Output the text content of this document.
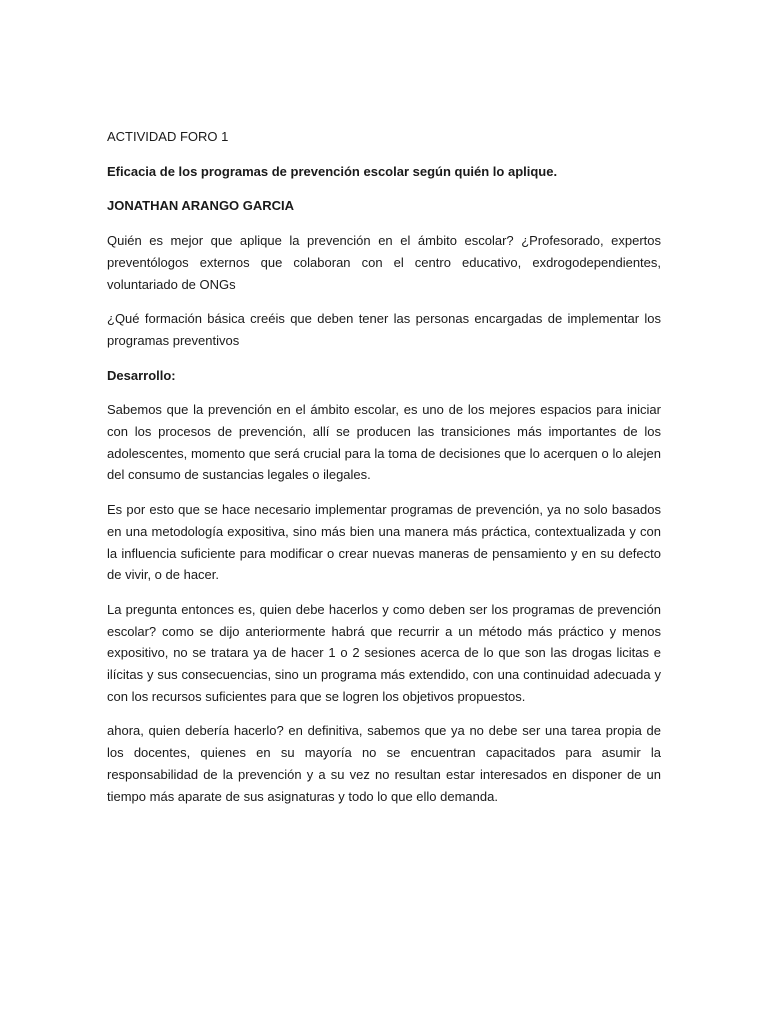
ACTIVIDAD FORO 1

Eficacia de los programas de prevención escolar según quién lo aplique.

JONATHAN ARANGO GARCIA

Quién es mejor que aplique la prevención en el ámbito escolar? ¿Profesorado, expertos preventólogos externos que colaboran con el centro educativo, exdrogodependientes, voluntariado de ONGs

¿Qué formación básica creéis que deben tener las personas encargadas de implementar los programas preventivos

Desarrollo:

Sabemos que la prevención en el ámbito escolar, es uno de los mejores espacios para iniciar con los procesos de prevención, allí se producen las transiciones más importantes de los adolescentes, momento que será crucial para la toma de decisiones que lo acerquen o lo alejen del consumo de sustancias legales o ilegales.

Es por esto que se hace necesario implementar programas de prevención, ya no solo basados en una metodología expositiva, sino más bien una manera más práctica, contextualizada y con la influencia suficiente para modificar o crear nuevas maneras de pensamiento y en su defecto de vivir, o de hacer.

La pregunta entonces es, quien debe hacerlos y como deben ser los programas de prevención escolar? como se dijo anteriormente habrá que recurrir a un método más práctico y menos expositivo, no se tratara ya de hacer 1 o 2 sesiones acerca de lo que son las drogas licitas e ilícitas y sus consecuencias, sino un programa más extendido, con una continuidad adecuada y con los recursos suficientes para que se logren los objetivos propuestos.

ahora, quien debería hacerlo? en definitiva, sabemos que ya no debe ser una tarea propia de los docentes, quienes en su mayoría no se encuentran capacitados para asumir la responsabilidad de la prevención y a su vez no resultan estar interesados en disponer de un tiempo más aparate de sus asignaturas y todo lo que ello demanda.
